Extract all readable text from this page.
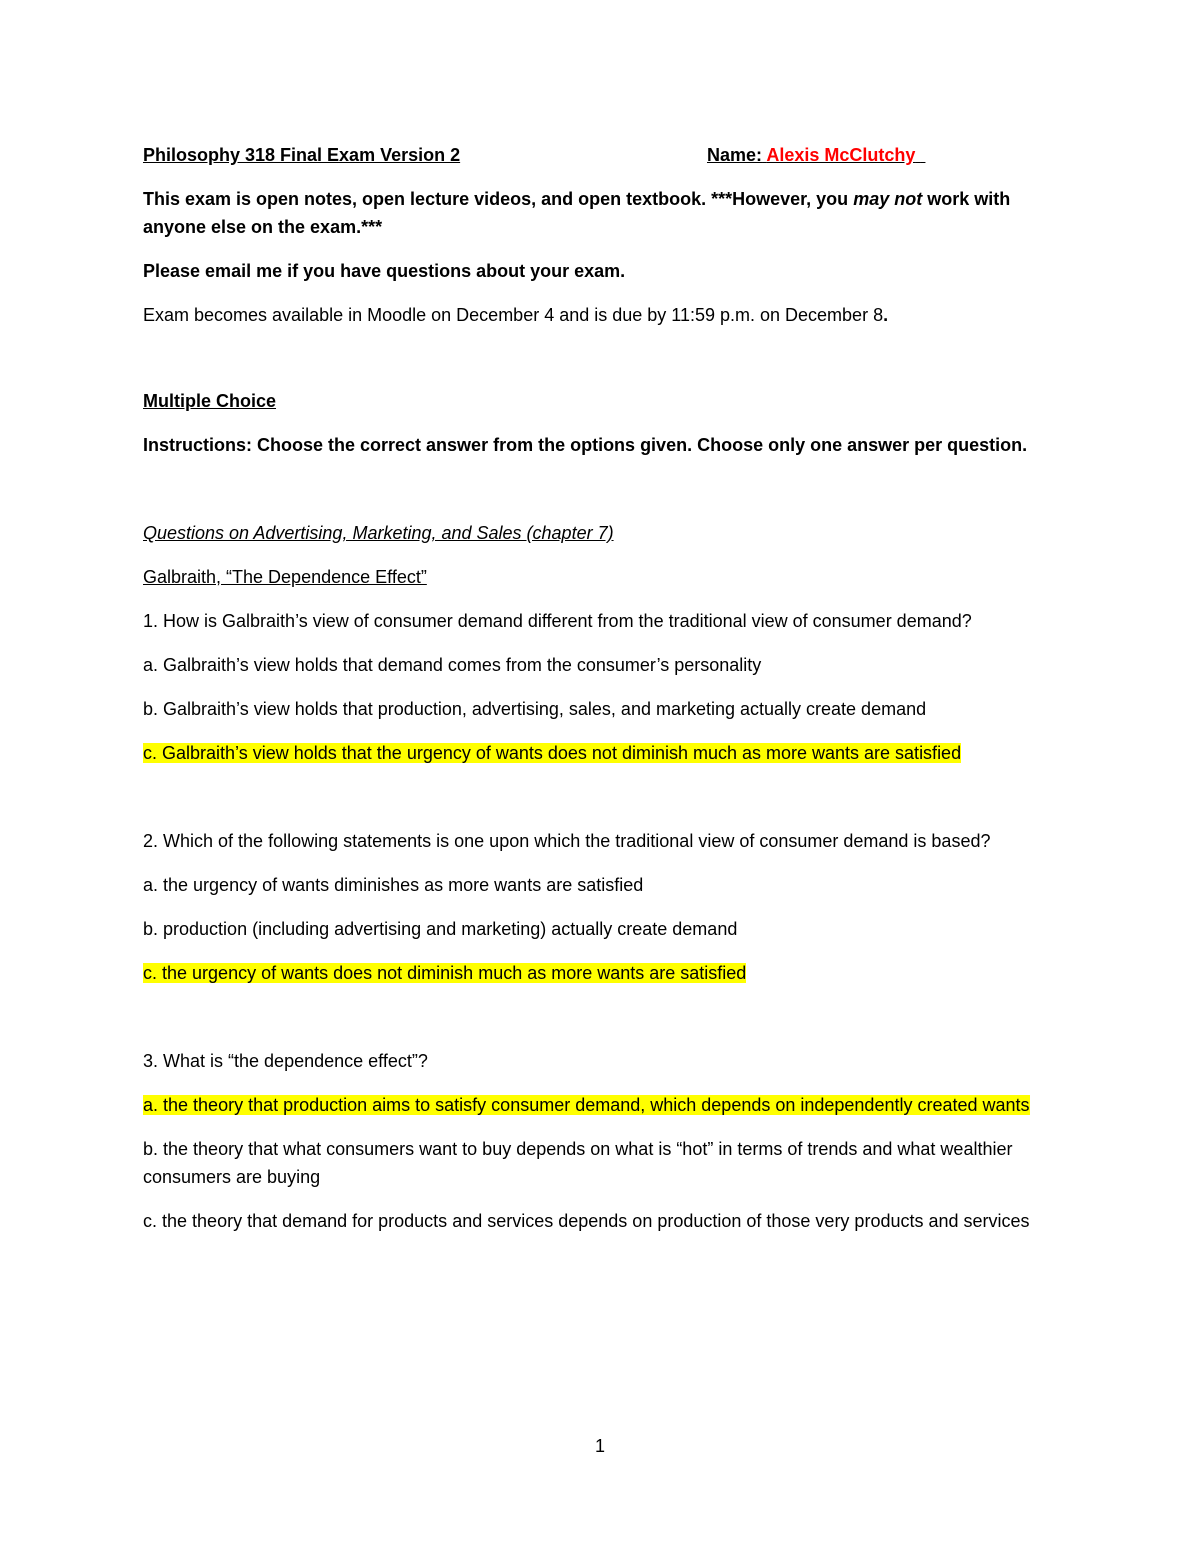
Philosophy 318 Final Exam Version 2	Name: Alexis McClutchy

This exam is open notes, open lecture videos, and open textbook. ***However, you may not work with anyone else on the exam.***

Please email me if you have questions about your exam.

Exam becomes available in Moodle on December 4 and is due by 11:59 p.m. on December 8.

Multiple Choice

Instructions: Choose the correct answer from the options given. Choose only one answer per question.

Questions on Advertising, Marketing, and Sales (chapter 7)

Galbraith, “The Dependence Effect”

1. How is Galbraith’s view of consumer demand different from the traditional view of consumer demand?

a. Galbraith’s view holds that demand comes from the consumer’s personality

b. Galbraith’s view holds that production, advertising, sales, and marketing actually create demand

c. Galbraith’s view holds that the urgency of wants does not diminish much as more wants are satisfied

2. Which of the following statements is one upon which the traditional view of consumer demand is based?

a. the urgency of wants diminishes as more wants are satisfied

b. production (including advertising and marketing) actually create demand

c. the urgency of wants does not diminish much as more wants are satisfied

3. What is “the dependence effect”?

a. the theory that production aims to satisfy consumer demand, which depends on independently created wants

b. the theory that what consumers want to buy depends on what is “hot” in terms of trends and what wealthier consumers are buying

c. the theory that demand for products and services depends on production of those very products and services

1
